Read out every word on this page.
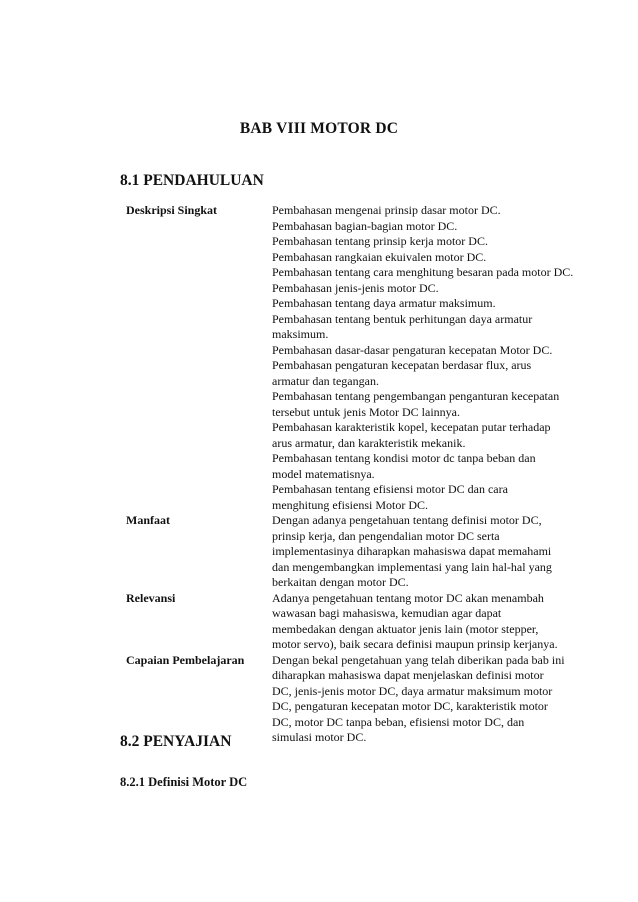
BAB VIII MOTOR DC
8.1 PENDAHULUAN
Deskripsi Singkat	Pembahasan mengenai prinsip dasar motor DC.
Pembahasan bagian-bagian motor DC.
Pembahasan tentang prinsip kerja motor DC.
Pembahasan rangkaian ekuivalen motor DC.
Pembahasan tentang cara menghitung besaran pada motor DC.
Pembahasan jenis-jenis motor DC.
Pembahasan tentang daya armatur maksimum.
Pembahasan tentang bentuk perhitungan daya armatur
maksimum.
Pembahasan dasar-dasar pengaturan kecepatan Motor DC.
Pembahasan pengaturan kecepatan berdasar flux, arus
armatur dan tegangan.
Pembahasan tentang pengembangan penganturan kecepatan
tersebut untuk jenis Motor DC lainnya.
Pembahasan karakteristik kopel, kecepatan putar terhadap
arus armatur, dan karakteristik mekanik.
Pembahasan tentang kondisi motor dc tanpa beban dan
model matematisnya.
Pembahasan tentang efisiensi motor DC dan cara
menghitung efisiensi Motor DC.
Manfaat	Dengan adanya pengetahuan tentang definisi motor DC,
prinsip kerja, dan pengendalian motor DC serta
implementasinya diharapkan mahasiswa dapat memahami
dan mengembangkan implementasi yang lain hal-hal yang
berkaitan dengan motor DC.
Relevansi	Adanya pengetahuan tentang motor DC akan menambah
wawasan bagi mahasiswa, kemudian agar dapat
membedakan dengan aktuator jenis lain (motor stepper,
motor servo), baik secara definisi maupun prinsip kerjanya.
Capaian Pembelajaran	Dengan bekal pengetahuan yang telah diberikan pada bab ini
diharapkan mahasiswa dapat menjelaskan definisi motor
DC, jenis-jenis motor DC, daya armatur maksimum motor
DC, pengaturan kecepatan motor DC, karakteristik motor
DC, motor DC tanpa beban, efisiensi motor DC, dan
simulasi motor DC.
8.2 PENYAJIAN
8.2.1 Definisi Motor DC
